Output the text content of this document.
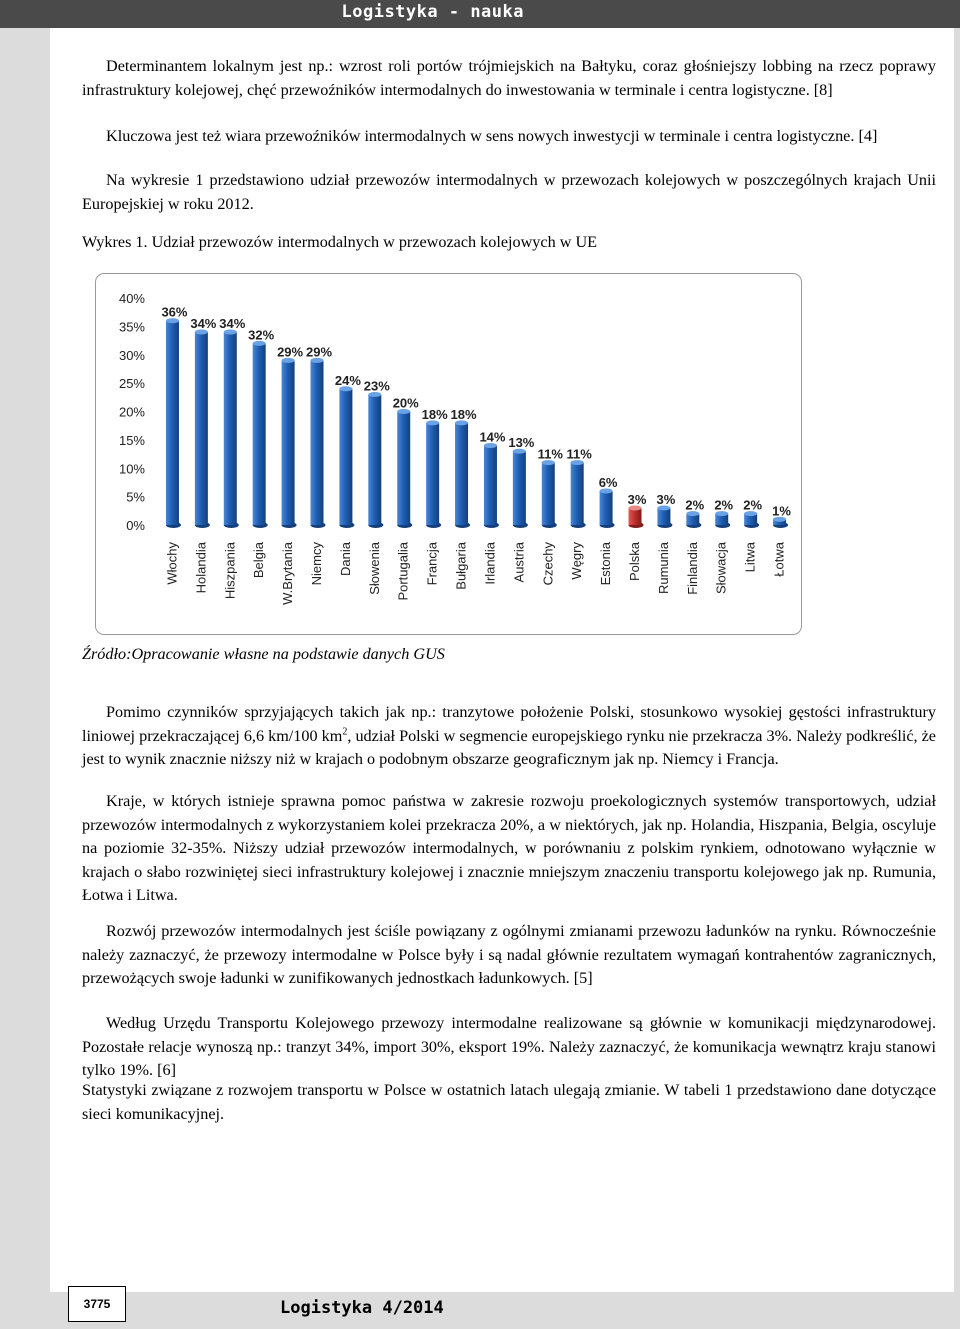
Logistyka - nauka

Determinantem lokalnym jest np.: wzrost roli portów trójmiejskich na Bałtyku, coraz głośniejszy lobbing na rzecz poprawy infrastruktury kolejowej, chęć przewoźników intermodalnych do inwestowania w terminale i centra logistyczne. [8]

Kluczowa jest też wiara przewoźników intermodalnych w sens nowych inwestycji w terminale i centra logistyczne. [4]

Na wykresie 1 przedstawiono udział przewozów intermodalnych w przewozach kolejowych w poszczególnych krajach Unii Europejskiej w roku 2012.

Wykres 1. Udział przewozów intermodalnych w przewozach kolejowych w UE
0%
5%
10%
15%
20%
25%
30%
35%
40%
36%
Włochy
34%
Holandia
34%
Hiszpania
32%
Belgia
29%
W.Brytania
29%
Niemcy
24%
Dania
23%
Słowenia
20%
Portugalia
18%
Francja
18%
Bułgaria
14%
Irlandia
13%
Austria
11%
Czechy
11%
Węgry
6%
Estonia
3%
Polska
3%
Rumunia
2%
Finlandia
2%
Słowacja
2%
Litwa
1%
Łotwa
Źródło:Opracowanie własne na podstawie danych GUS

Pomimo czynników sprzyjających takich jak np.: tranzytowe położenie Polski, stosunkowo wysokiej gęstości infrastruktury liniowej przekraczającej 6,6 km/100 $km^2$, udział Polski w segmencie europejskiego rynku nie przekracza 3%. Należy podkreślić, że jest to wynik znacznie niższy niż w krajach o podobnym obszarze geograficznym jak np. Niemcy i Francja.

Kraje, w których istnieje sprawna pomoc państwa w zakresie rozwoju proekologicznych systemów transportowych, udział przewozów intermodalnych z wykorzystaniem kolei przekracza 20%, a w niektórych, jak np. Holandia, Hiszpania, Belgia, oscyluje na poziomie 32-35%. Niższy udział przewozów intermodalnych, w porównaniu z polskim rynkiem, odnotowano wyłącznie w krajach o słabo rozwiniętej sieci infrastruktury kolejowej i znacznie mniejszym znaczeniu transportu kolejowego jak np. Rumunia, Łotwa i Litwa.

Rozwój przewozów intermodalnych jest ściśle powiązany z ogólnymi zmianami przewozu ładunków na rynku. Równocześnie należy zaznaczyć, że przewozy intermodalne w Polsce były i są nadal głównie rezultatem wymagań kontrahentów zagranicznych, przewożących swoje ładunki w zunifikowanych jednostkach ładunkowych. [5]

Według Urzędu Transportu Kolejowego przewozy intermodalne realizowane są głównie w komunikacji międzynarodowej. Pozostałe relacje wynoszą np.: tranzyt 34%, import 30%, eksport 19%. Należy zaznaczyć, że komunikacja wewnątrz kraju stanowi tylko 19%. [6]

Statystyki związane z rozwojem transportu w Polsce w ostatnich latach ulegają zmianie. W tabeli 1 przedstawiono dane dotyczące sieci komunikacyjnej.

3775	Logistyka 4/2014
